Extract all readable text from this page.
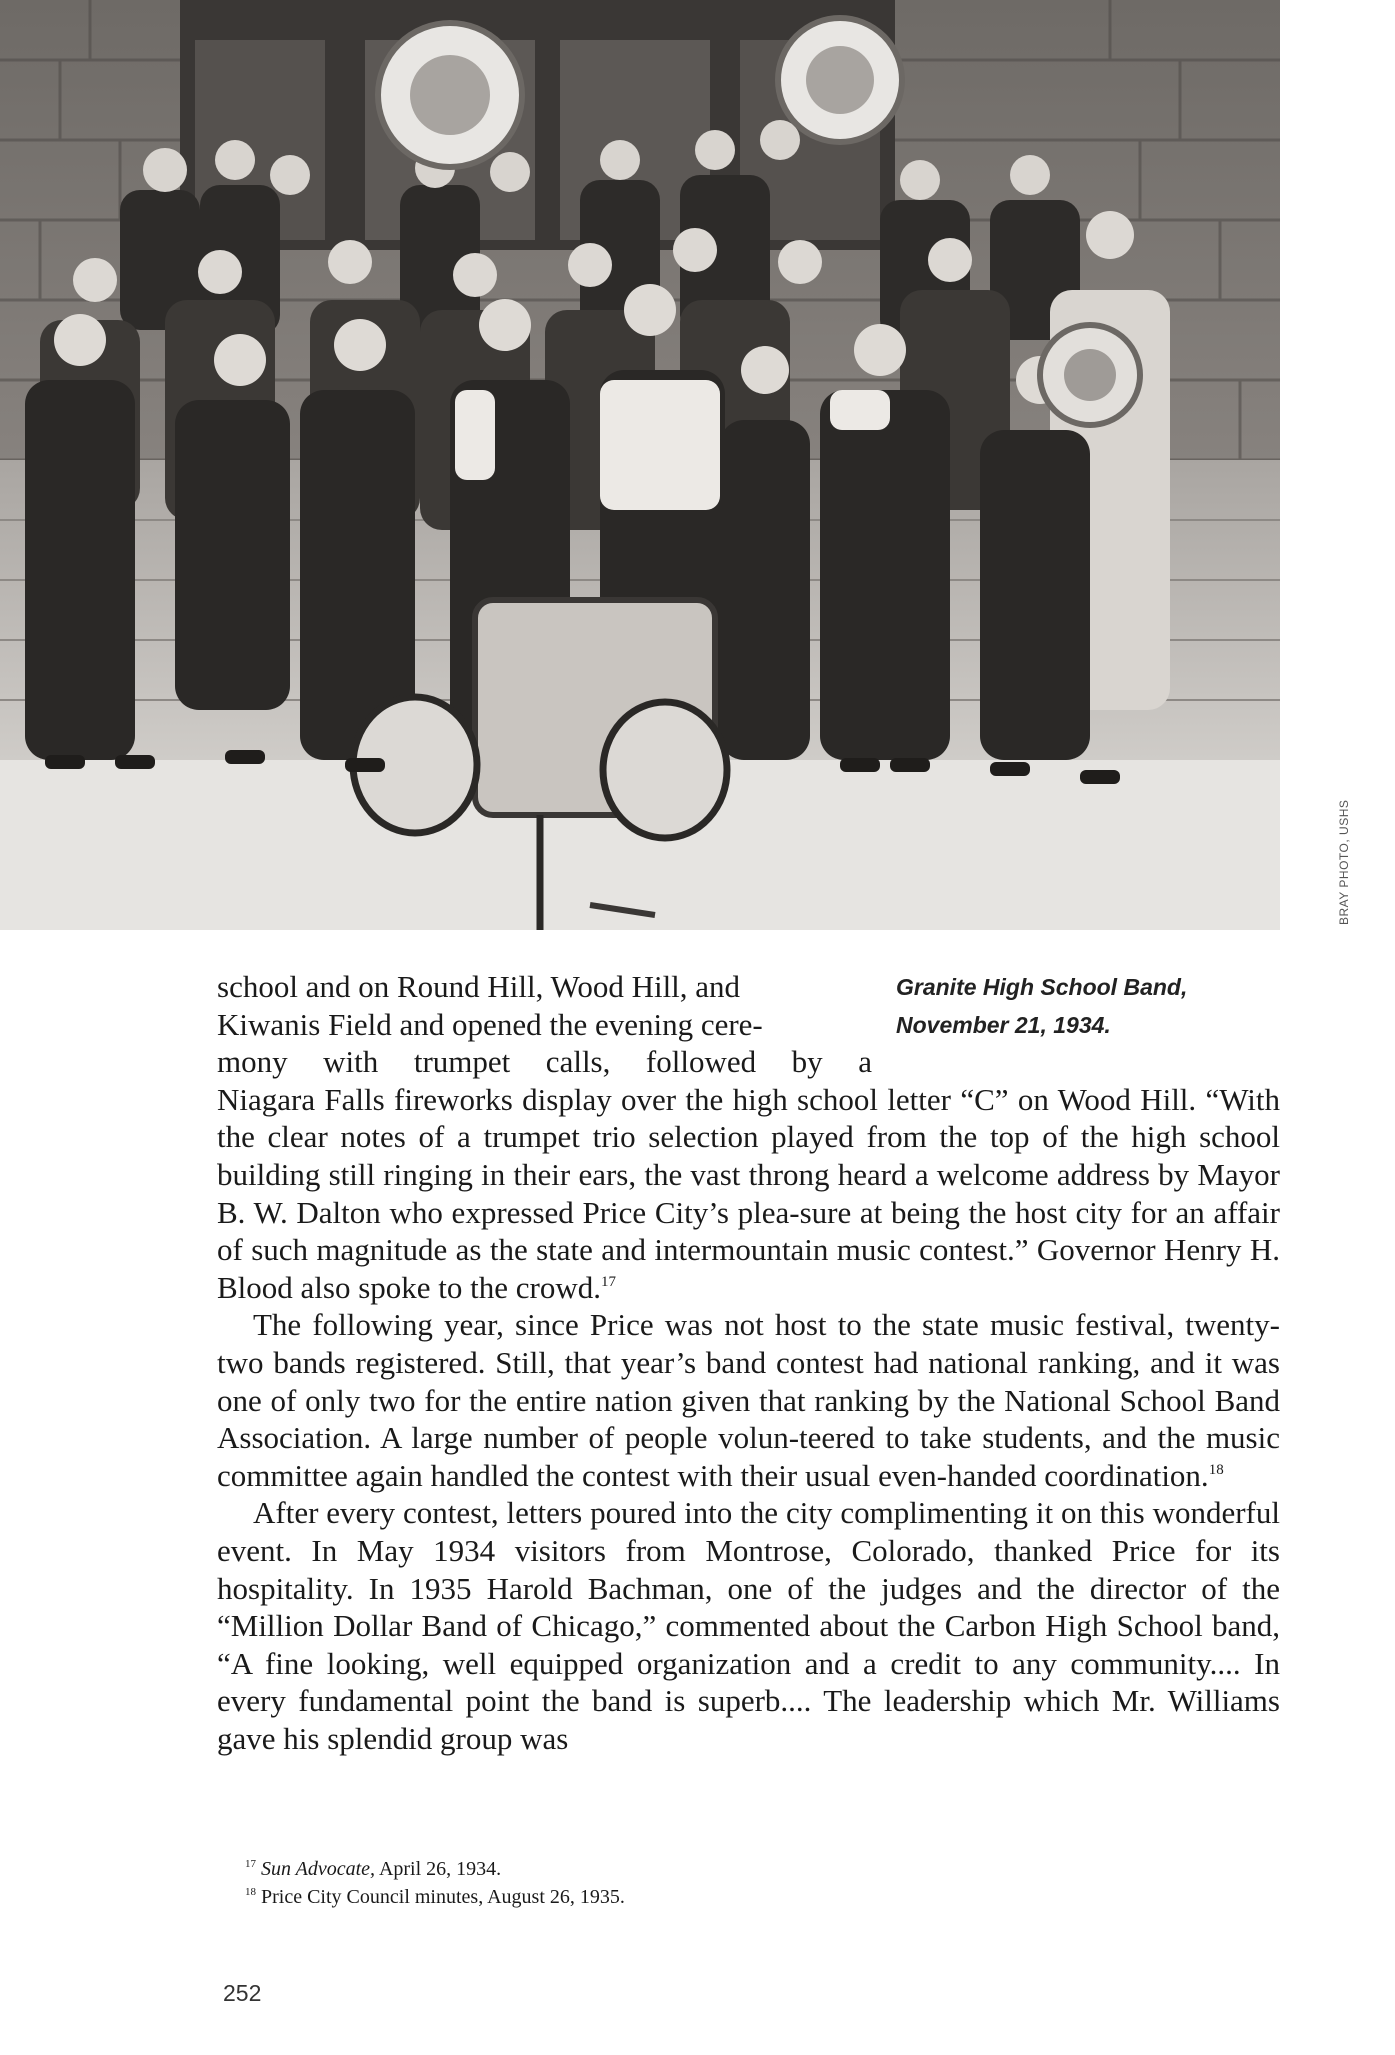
BRAY PHOTO, USHS
Granite High School Band,
November 21, 1934.

school and on Round Hill, Wood Hill, and
Kiwanis Field and opened the evening cere-
mony with trumpet calls, followed by a
Niagara Falls fireworks display over the high school letter “C” on Wood Hill. “With the clear notes of a trumpet trio selection played from the top of the high school building still ringing in their ears, the vast throng heard a welcome address by Mayor B. W. Dalton who expressed Price City’s plea-sure at being the host city for an affair of such magnitude as the state and intermountain music contest.” Governor Henry H. Blood also spoke to the crowd.$^{17}$

The following year, since Price was not host to the state music festival, twenty-two bands registered. Still, that year’s band contest had national ranking, and it was one of only two for the entire nation given that ranking by the National School Band Association. A large number of people volun-teered to take students, and the music committee again handled the contest with their usual even-handed coordination.$^{18}$

After every contest, letters poured into the city complimenting it on this wonderful event. In May 1934 visitors from Montrose, Colorado, thanked Price for its hospitality. In 1935 Harold Bachman, one of the judges and the director of the “Million Dollar Band of Chicago,” commented about the Carbon High School band, “A fine looking, well equipped organization and a credit to any community.... In every fundamental point the band is superb.... The leadership which Mr. Williams gave his splendid group was

$^{17}$ Sun Advocate, April 26, 1934.
$^{18}$ Price City Council minutes, August 26, 1935.
252
